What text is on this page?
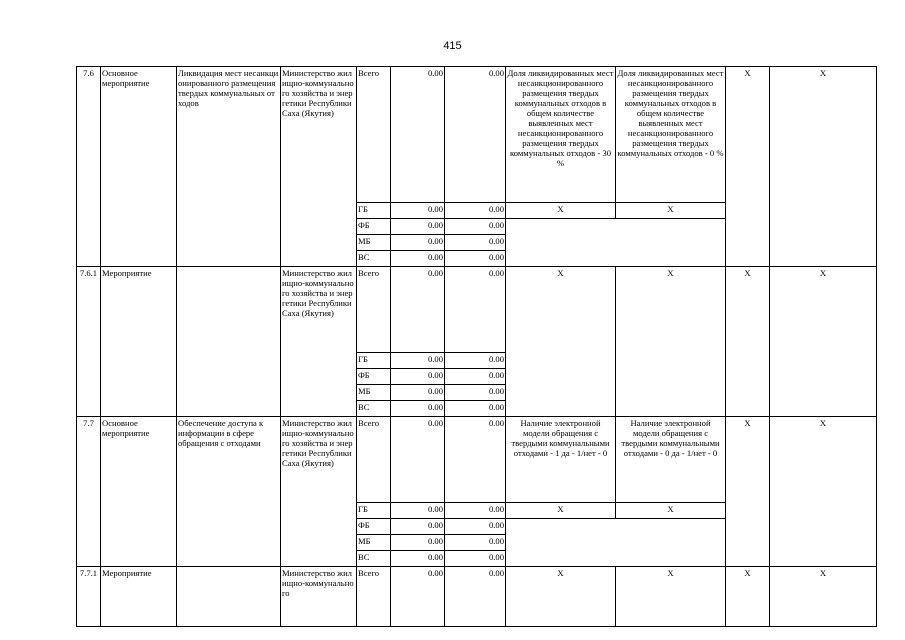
415
7.6	Основное мероприятие	Ликвидация мест несанкционированного размещения твердых коммунальных отходов	Министерство жилищно-коммунального хозяйства и энергетики Республики Саха (Якутия)	Всего	0.00	0.00	Доля ликвидированных мест несанкционированного размещения твердых коммунальных отходов в общем количестве выявленных мест несанкционированного размещения твердых коммунальных отходов - 30 %	Доля ликвидированных мест несанкционированного размещения твердых коммунальных отходов в общем количестве выявленных мест несанкционированного размещения твердых коммунальных отходов - 0 %	Х	Х
				ГБ	0.00	0.00	Х	Х		
				ФБ	0.00	0.00				
				МБ	0.00	0.00				
				ВС	0.00	0.00				
7.6.1	Мероприятие		Министерство жилищно-коммунального хозяйства и энергетики Республики Саха (Якутия)	Всего	0.00	0.00	Х	Х	Х	Х
				ГБ	0.00	0.00				
				ФБ	0.00	0.00				
				МБ	0.00	0.00				
				ВС	0.00	0.00				
7.7	Основное мероприятие	Обеспечение доступа к информации в сфере обращения с отходами	Министерство жилищно-коммунального хозяйства и энергетики Республики Саха (Якутия)	Всего	0.00	0.00	Наличие электронной модели обращения с твердыми коммунальными отходами - 1 да - 1/нет - 0	Наличие электронной модели обращения с твердыми коммунальными отходами - 0 да - 1/нет - 0	Х	Х
				ГБ	0.00	0.00	Х	Х		
				ФБ	0.00	0.00				
				МБ	0.00	0.00				
				ВС	0.00	0.00				
7.7.1	Мероприятие		Министерство жилищно-коммунального	Всего	0.00	0.00	Х	Х	Х	Х
